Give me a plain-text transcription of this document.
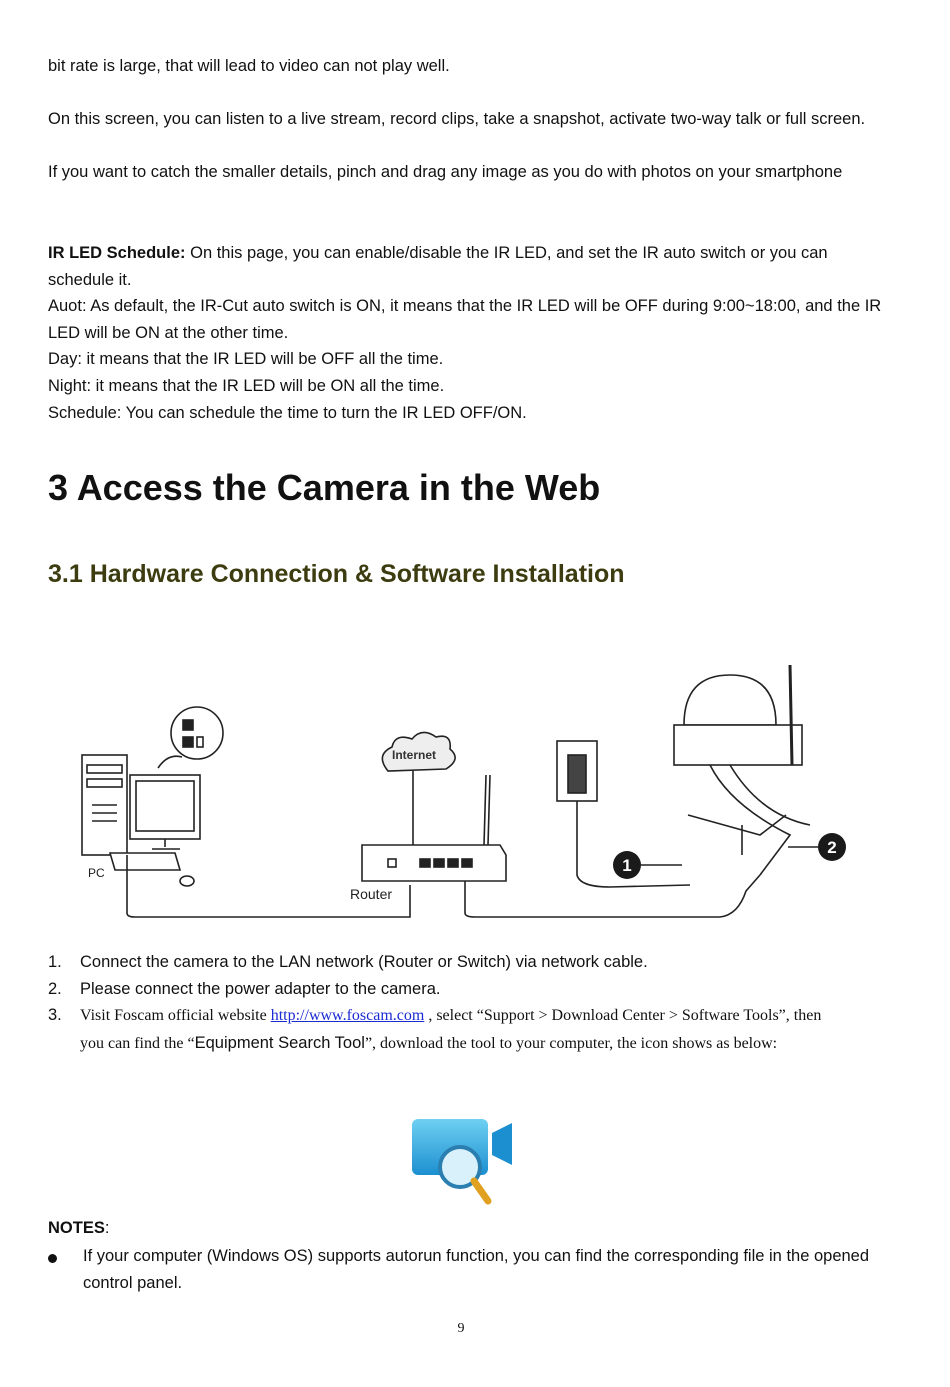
bit rate is large, that will lead to video can not play well.

On this screen, you can listen to a live stream, record clips, take a snapshot, activate two-way talk or full screen.

If you want to catch the smaller details, pinch and drag any image as you do with photos on your smartphone

IR LED Schedule: On this page, you can enable/disable the IR LED, and set the IR auto switch or you can schedule it.

Auot: As default, the IR-Cut auto switch is ON, it means that the IR LED will be OFF during 9:00~18:00, and the IR LED will be ON at the other time.

Day: it means that the IR LED will be OFF all the time.

Night: it means that the IR LED will be ON all the time.

Schedule: You can schedule the time to turn the IR LED OFF/ON.

3 Access the Camera in the Web
3.1 Hardware Connection & Software Installation
Internet
PC
Router
1
2
1. Connect the camera to the LAN network (Router or Switch) via network cable.
2. Please connect the power adapter to the camera.
3. Visit Foscam official website http://www.foscam.com , select “Support > Download Center > Software Tools”, then you can find the “Equipment Search Tool”, download the tool to your computer, the icon shows as below:
NOTES:
If your computer (Windows OS) supports autorun function, you can find the corresponding file in the opened control panel.
9
